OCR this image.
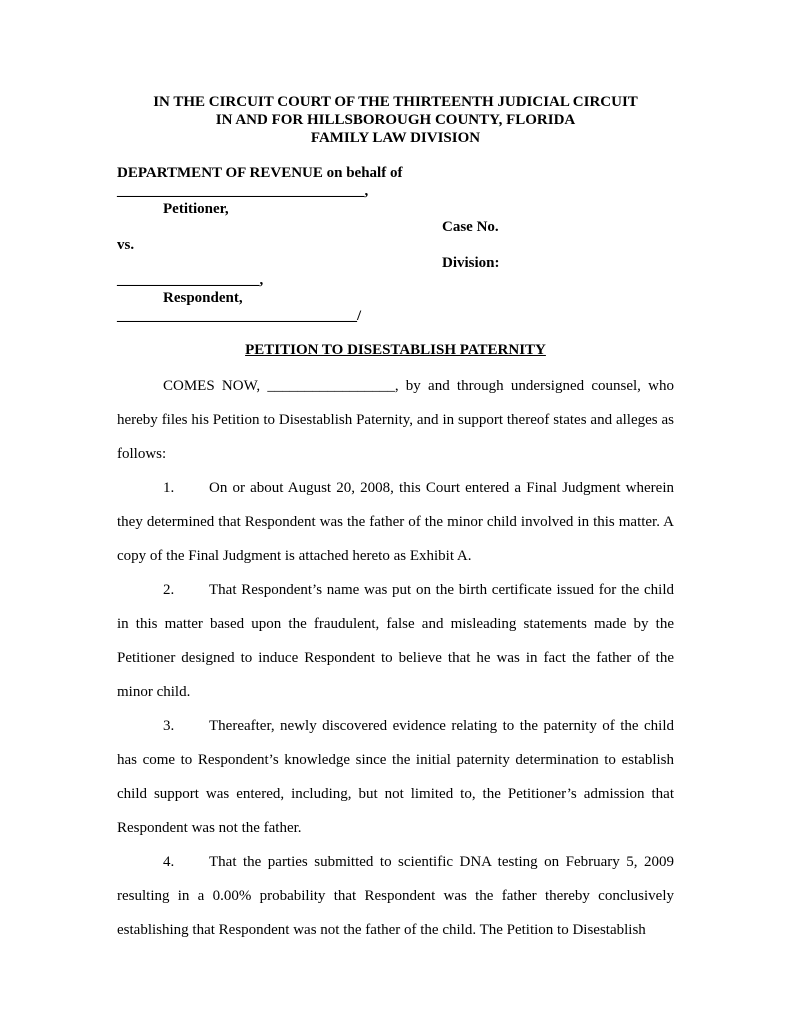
IN THE CIRCUIT COURT OF THE THIRTEENTH JUDICIAL CIRCUIT
IN AND FOR HILLSBOROUGH COUNTY, FLORIDA
FAMILY LAW DIVISION
DEPARTMENT OF REVENUE on behalf of
_________________________________,
Petitioner,
Case No.
vs.
Division:
___________________,
Respondent,
________________________________/
PETITION TO DISESTABLISH PATERNITY

COMES NOW, _________________, by and through undersigned counsel, who hereby files his Petition to Disestablish Paternity, and in support thereof states and alleges as follows:

1. On or about August 20, 2008, this Court entered a Final Judgment wherein they determined that Respondent was the father of the minor child involved in this matter. A copy of the Final Judgment is attached hereto as Exhibit A.

2. That Respondent’s name was put on the birth certificate issued for the child in this matter based upon the fraudulent, false and misleading statements made by the Petitioner designed to induce Respondent to believe that he was in fact the father of the minor child.

3. Thereafter, newly discovered evidence relating to the paternity of the child has come to Respondent’s knowledge since the initial paternity determination to establish child support was entered, including, but not limited to, the Petitioner’s admission that Respondent was not the father.

4. That the parties submitted to scientific DNA testing on February 5, 2009 resulting in a 0.00% probability that Respondent was the father thereby conclusively establishing that Respondent was not the father of the child. The Petition to Disestablish
